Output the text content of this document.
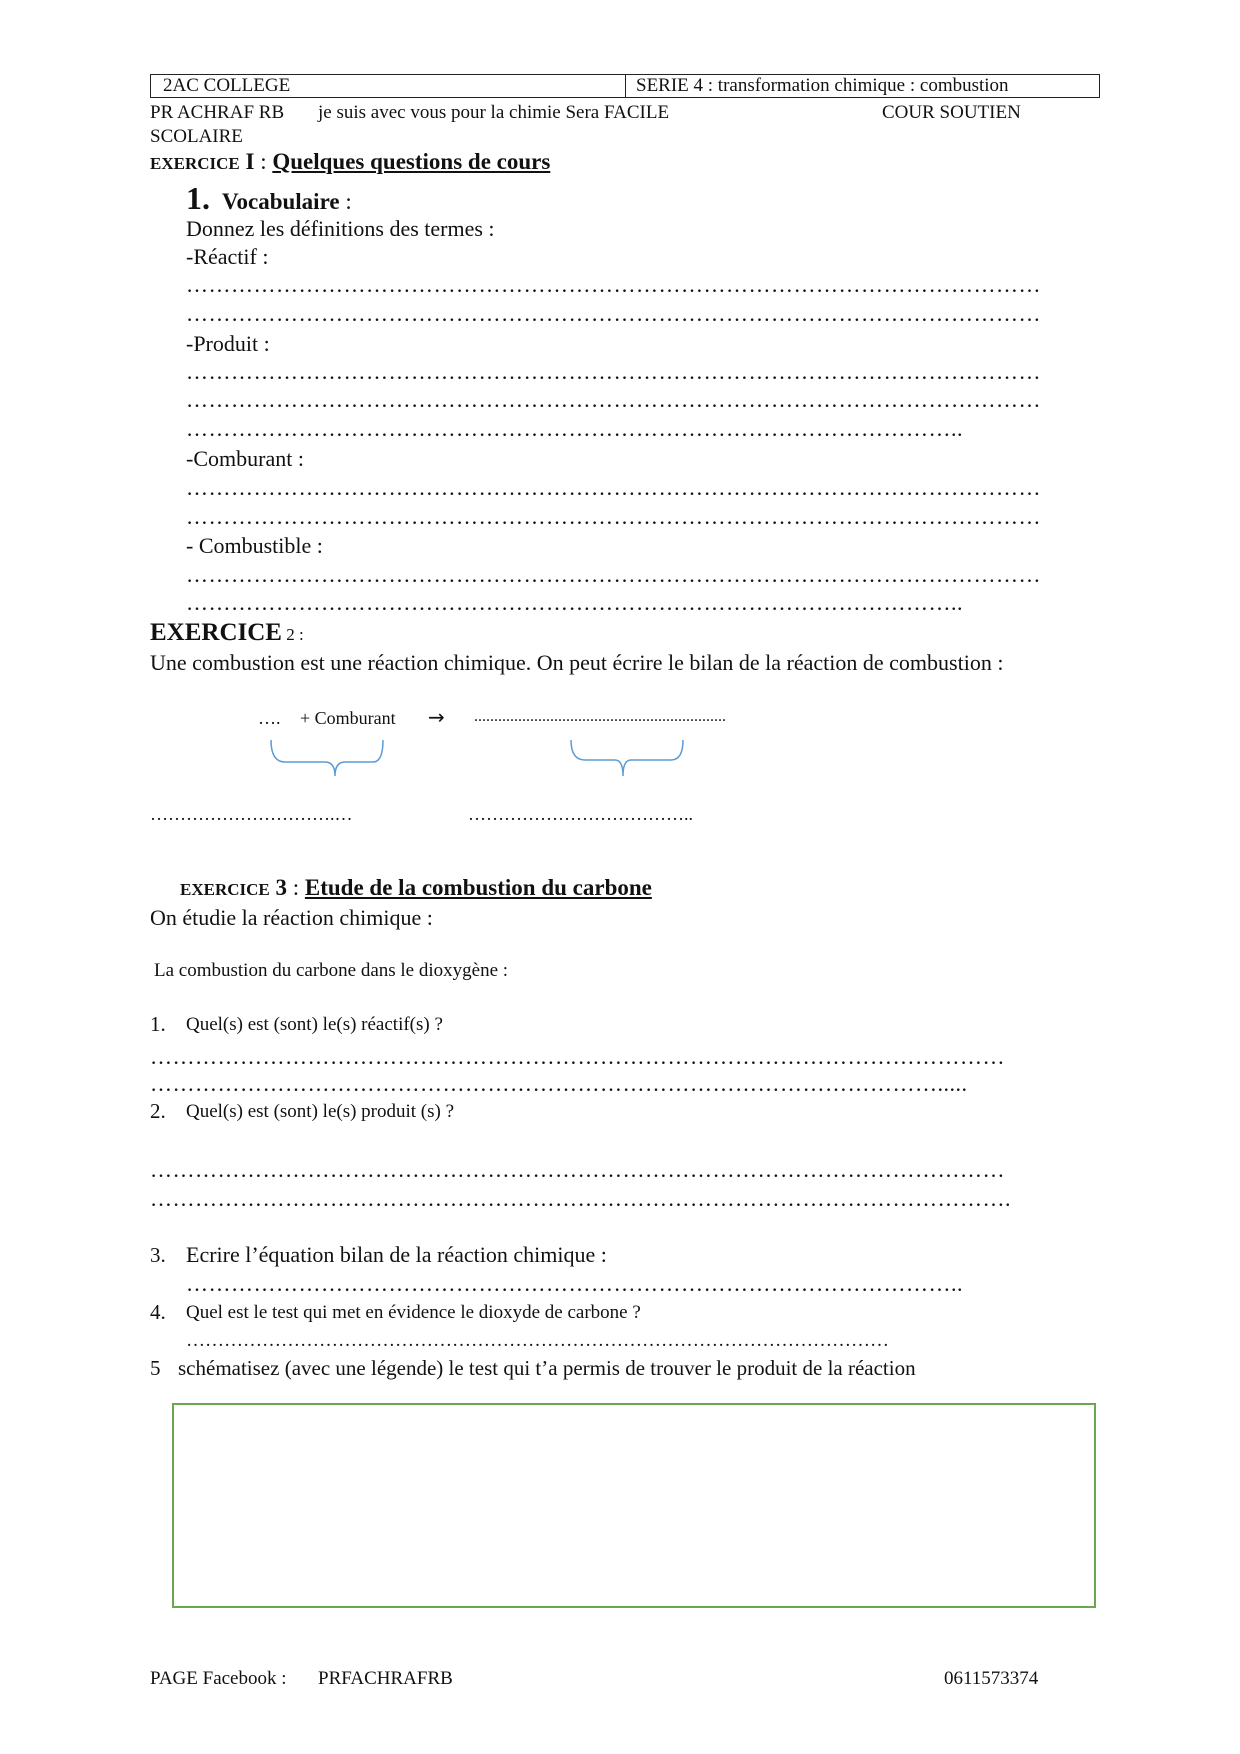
2AC COLLEGE	SERIE 4 : transformation chimique : combustion
PR ACHRAF RB je suis avec vous pour la chimie Sera FACILE	COUR SOUTIEN
SCOLAIRE
EXERCICE I : Quelques questions de cours
1. Vocabulaire :
Donnez les définitions des termes :
-Réactif :
……………………………………………………………………………………………………
……………………………………………………………………………………………………
-Produit :
……………………………………………………………………………………………………
……………………………………………………………………………………………………
…………………………………………………………………………………………..
-Comburant :
……………………………………………………………………………………………………
……………………………………………………………………………………………………
- Combustible :
……………………………………………………………………………………………………
…………………………………………………………………………………………..
EXERCICE 2 :
Une combustion est une réaction chimique. On peut écrire le bilan de la réaction de combustion :
…. + Comburant → ...............................................................
………………………….…	………………………………..
EXERCICE 3 : Etude de la combustion du carbone
On étudie la réaction chimique :
La combustion du carbone dans le dioxygène :
1. Quel(s) est (sont) le(s) réactif(s) ?
……………………………………………………………………………………………………
…………………………………………………………………………………………….....
2. Quel(s) est (sont) le(s) produit (s) ?
……………………………………………………………………………………………………
…………………………………………………………………………………………………….
3. Ecrire l’équation bilan de la réaction chimique :
…………………………………………………………………………………………..
4. Quel est le test qui met en évidence le dioxyde de carbone ?
…………………………………………………………………………………………………
5 schématisez (avec une légende) le test qui t’a permis de trouver le produit de la réaction
PAGE Facebook : PRFACHRAFRB	0611573374
